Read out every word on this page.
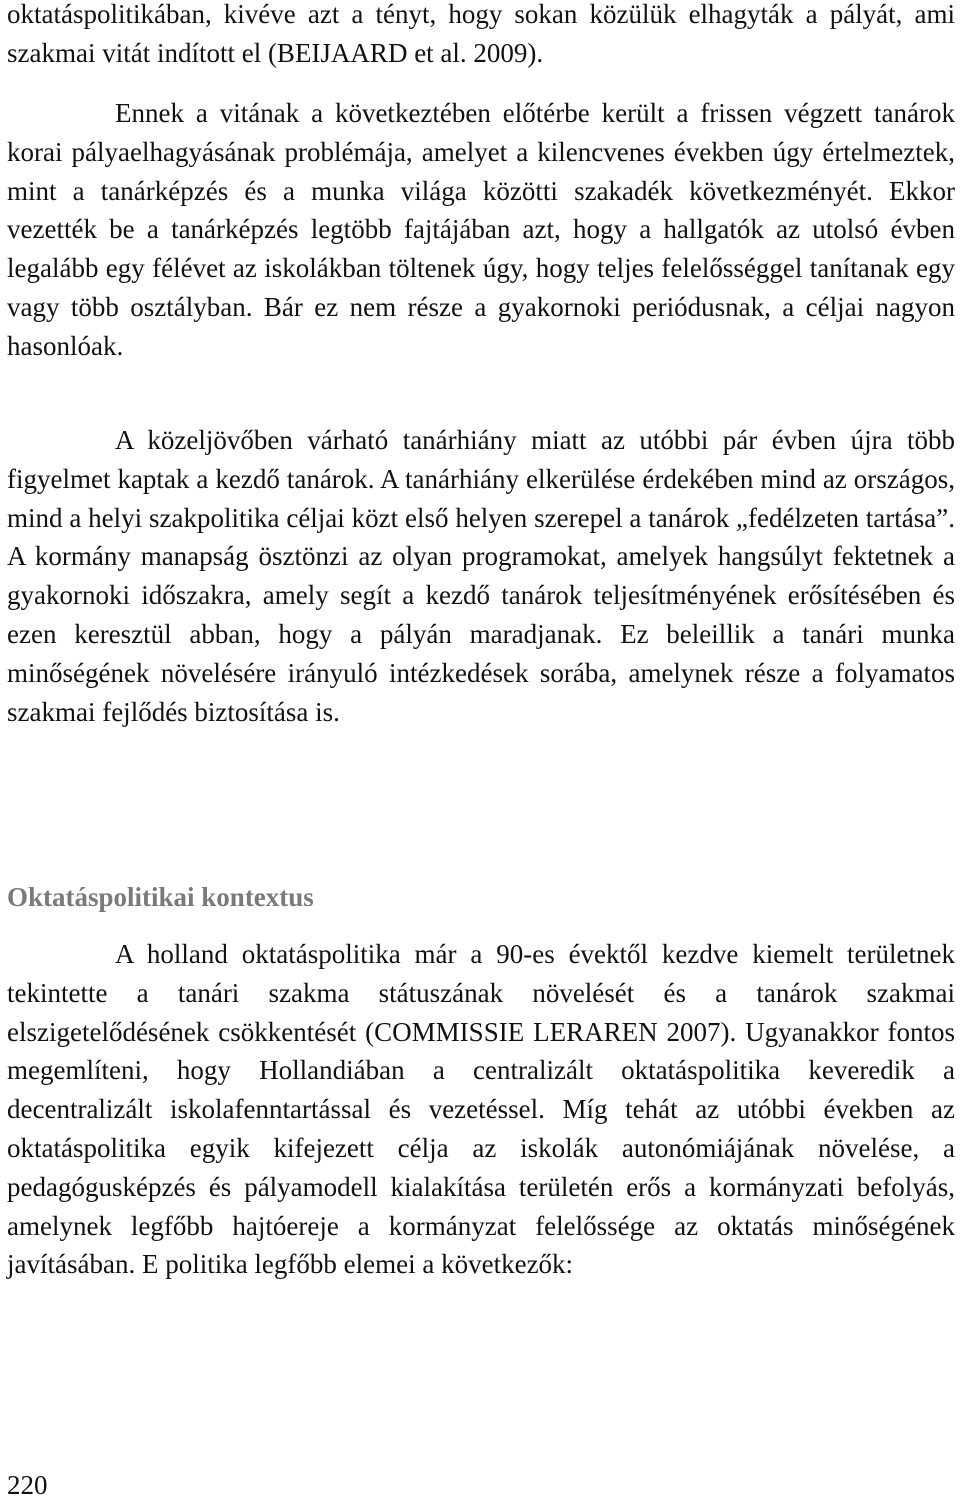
oktatáspolitikában, kivéve azt a tényt, hogy sokan közülük elhagyták a pályát, ami szakmai vitát indított el (BEIJAARD et al. 2009).

Ennek a vitának a következtében előtérbe került a frissen végzett tanárok korai pályaelhagyásának problémája, amelyet a kilencvenes években úgy értelmeztek, mint a tanárképzés és a munka világa közötti szakadék következményét. Ekkor vezették be a tanárképzés legtöbb fajtájában azt, hogy a hallgatók az utolsó évben legalább egy félévet az iskolákban töltenek úgy, hogy teljes felelősséggel tanítanak egy vagy több osztályban. Bár ez nem része a gyakornoki periódusnak, a céljai nagyon hasonlóak.

A közeljövőben várható tanárhiány miatt az utóbbi pár évben újra több figyelmet kaptak a kezdő tanárok. A tanárhiány elkerülése érdekében mind az országos, mind a helyi szakpolitika céljai közt első helyen szerepel a tanárok „fedélzeten tartása”. A kormány manapság ösztönzi az olyan programokat, amelyek hangsúlyt fektetnek a gyakornoki időszakra, amely segít a kezdő tanárok teljesítményének erősítésében és ezen keresztül abban, hogy a pályán maradjanak. Ez beleillik a tanári munka minőségének növelésére irányuló intézkedések sorába, amelynek része a folyamatos szakmai fejlődés biztosítása is.

Oktatáspolitikai kontextus

A holland oktatáspolitika már a 90-es évektől kezdve kiemelt területnek tekintette a tanári szakma státuszának növelését és a tanárok szakmai elszigetelődésének csökkentését (COMMISSIE LERAREN 2007). Ugyanakkor fontos megemlíteni, hogy Hollandiában a centralizált oktatáspolitika keveredik a decentralizált iskolafenntartással és vezetéssel. Míg tehát az utóbbi években az oktatáspolitika egyik kifejezett célja az iskolák autonómiájának növelése, a pedagógusképzés és pályamodell kialakítása területén erős a kormányzati befolyás, amelynek legfőbb hajtóereje a kormányzat felelőssége az oktatás minőségének javításában. E politika legfőbb elemei a következők:

220
